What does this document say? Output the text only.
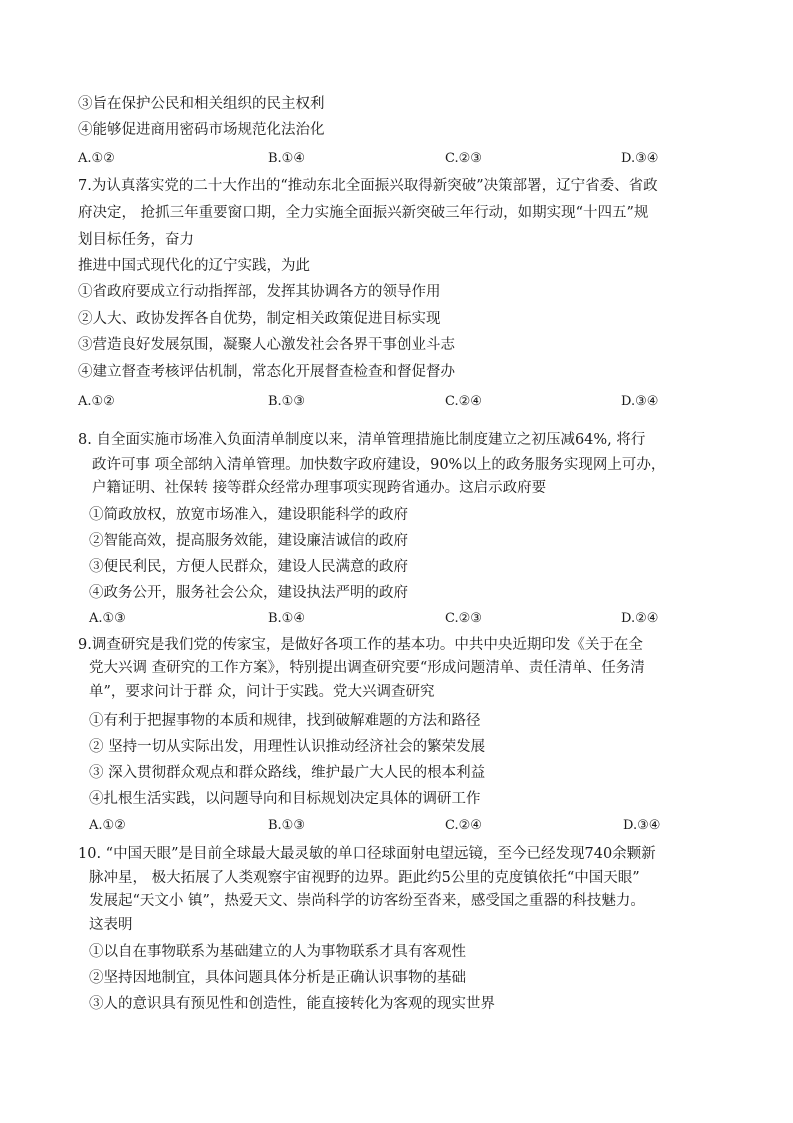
③旨在保护公民和相关组织的民主权利
④能够促进商用密码市场规范化法治化
A.①②	B.①④	C.②③	D.③④
7.为认真落实党的二十大作出的“推动东北全面振兴取得新突破”决策部署，辽宁省委、省政
府决定， 抢抓三年重要窗口期，全力实施全面振兴新突破三年行动，如期实现“十四五”规
划目标任务，奋力
推进中国式现代化的辽宁实践，为此
①省政府要成立行动指挥部，发挥其协调各方的领导作用
②人大、政协发挥各自优势，制定相关政策促进目标实现
③营造良好发展氛围，凝聚人心激发社会各界干事创业斗志
④建立督查考核评估机制，常态化开展督查检查和督促督办
A.①②	B.①③	C.②④	D.③④
8. 自全面实施市场准入负面清单制度以来，清单管理措施比制度建立之初压减64%, 将行
政许可事 项全部纳入清单管理。加快数字政府建设，90%以上的政务服务实现网上可办，
户籍证明、社保转 接等群众经常办理事项实现跨省通办。这启示政府要
①简政放权，放宽市场准入，建设职能科学的政府
②智能高效，提高服务效能，建设廉洁诚信的政府
③便民利民，方便人民群众，建设人民满意的政府
④政务公开，服务社会公众，建设执法严明的政府
A.①③	B.①④	C.②③	D.②④
9.调查研究是我们党的传家宝，是做好各项工作的基本功。中共中央近期印发《关于在全
党大兴调 查研究的工作方案》，特别提出调查研究要“形成问题清单、责任清单、任务清
单”，要求问计于群 众，问计于实践。党大兴调查研究
①有利于把握事物的本质和规律，找到破解难题的方法和路径
② 坚持一切从实际出发，用理性认识推动经济社会的繁荣发展
③ 深入贯彻群众观点和群众路线，维护最广大人民的根本利益
④扎根生活实践，以问题导向和目标规划决定具体的调研工作
A.①②	B.①③	C.②④	D.③④
10. “中国天眼”是目前全球最大最灵敏的单口径球面射电望远镜，至今已经发现740余颗新
脉冲星， 极大拓展了人类观察宇宙视野的边界。距此约5公里的克度镇依托“中国天眼”
发展起“天文小 镇”，热爱天文、崇尚科学的访客纷至沓来，感受国之重器的科技魅力。
这表明
①以自在事物联系为基础建立的人为事物联系才具有客观性
②坚持因地制宜，具体问题具体分析是正确认识事物的基础
③人的意识具有预见性和创造性，能直接转化为客观的现实世界
